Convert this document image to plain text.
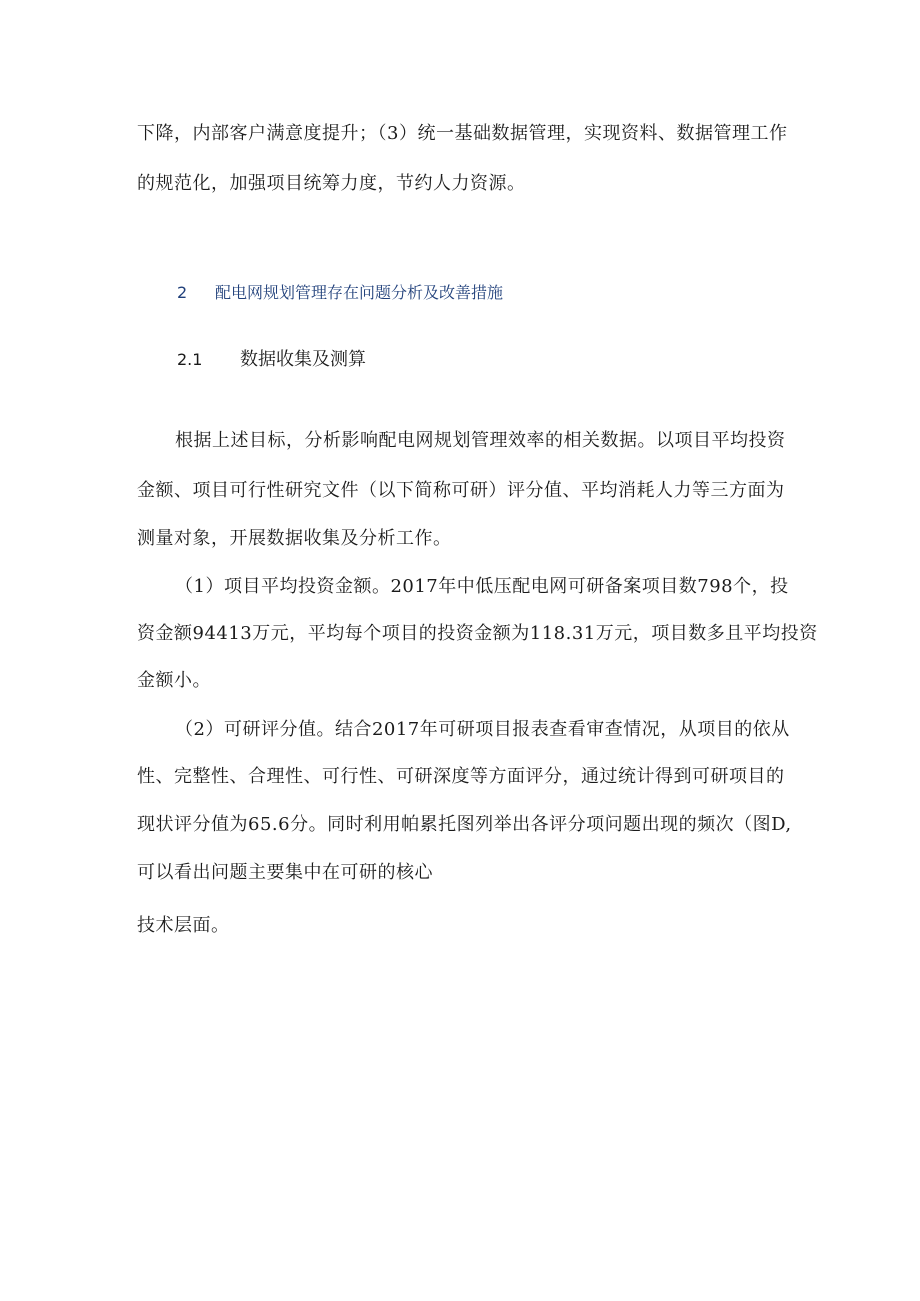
下降，内部客户满意度提升；（3）统一基础数据管理，实现资料、数据管理工作
的规范化，加强项目统筹力度，节约人力资源。
2 配电网规划管理存在问题分析及改善措施
2.1 数据收集及测算
根据上述目标，分析影响配电网规划管理效率的相关数据。以项目平均投资
金额、项目可行性研究文件（以下简称可研）评分值、平均消耗人力等三方面为
测量对象，开展数据收集及分析工作。
（1）项目平均投资金额。2017年中低压配电网可研备案项目数798个，投
资金额94413万元，平均每个项目的投资金额为118.31万元，项目数多且平均投资
金额小。
（2）可研评分值。结合2017年可研项目报表查看审查情况，从项目的依从
性、完整性、合理性、可行性、可研深度等方面评分，通过统计得到可研项目的
现状评分值为65.6分。同时利用帕累托图列举出各评分项问题出现的频次（图D,
可以看出问题主要集中在可研的核心
技术层面。
